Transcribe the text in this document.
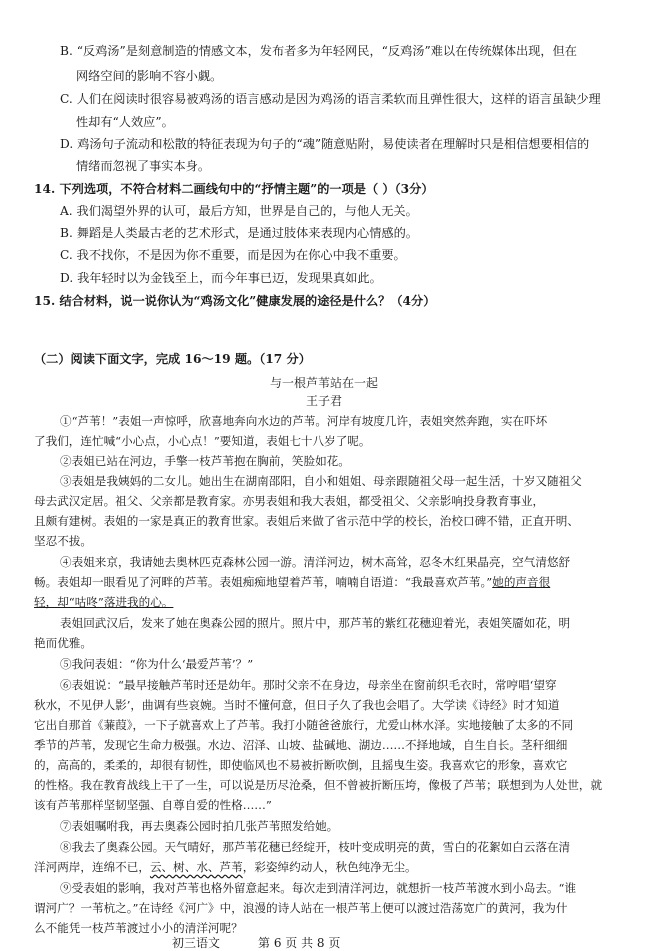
B. “反鸡汤”是刻意制造的情感文本，发布者多为年轻网民，“反鸡汤”难以在传统媒体出现，但在
网络空间的影响不容小觑。
C. 人们在阅读时很容易被鸡汤的语言感动是因为鸡汤的语言柔软而且弹性很大，这样的语言虽缺少理
性却有“人效应”。
D. 鸡汤句子流动和松散的特征表现为句子的“魂”随意贴附，易使读者在理解时只是相信想要相信的
情绪而忽视了事实本身。
14. 下列选项，不符合材料二画线句中的“抒情主题”的一项是（ ）（3分）
A. 我们渴望外界的认可，最后方知，世界是自己的，与他人无关。
B. 舞蹈是人类最古老的艺术形式，是通过肢体来表现内心情感的。
C. 我不找你，不是因为你不重要，而是因为在你心中我不重要。
D. 我年轻时以为金钱至上，而今年事已迈，发现果真如此。
15. 结合材料，说一说你认为“鸡汤文化”健康发展的途径是什么？（4分）
（二）阅读下面文字，完成 16～19 题。（17 分）
与一根芦苇站在一起
王子君
①“芦苇！”表姐一声惊呼，欣喜地奔向水边的芦苇。河岸有坡度几许，表姐突然奔跑，实在吓坏
了我们，连忙喊“小心点，小心点！”要知道，表姐七十八岁了呢。
②表姐已站在河边，手擎一枝芦苇抱在胸前，笑脸如花。
③表姐是我姨妈的二女儿。她出生在湖南邵阳，自小和姐姐、母亲跟随祖父母一起生活，十岁又随祖父
母去武汉定居。祖父、父亲都是教育家。亦男表姐和我大表姐，都受祖父、父亲影响投身教育事业，
且颇有建树。表姐的一家是真正的教育世家。表姐后来做了省示范中学的校长，治校口碑不错，正直开明、
坚忍不拔。
④表姐来京，我请她去奥林匹克森林公园一游。清洋河边，树木高耸，忍冬木红果晶亮，空气清悠舒
畅。表姐却一眼看见了河畔的芦苇。表姐痴痴地望着芦苇，喃喃自语道：“我最喜欢芦苇。”她的声音很
轻，却“咕咚”落进我的心。
表姐回武汉后，发来了她在奥森公园的照片。照片中，那芦苇的紫红花穗迎着光，表姐笑靥如花，明
艳而优雅。
⑤我问表姐：“你为什么‘最爱芦苇’？”
⑥表姐说：“最早接触芦苇时还是幼年。那时父亲不在身边，母亲坐在窗前织毛衣时，常哼唱‘望穿
秋水，不见伊人影’，曲调有些哀婉。当时不懂何意，但日子久了我也会唱了。大学读《诗经》时才知道
它出自那首《蒹葭》，一下子就喜欢上了芦苇。我打小随爸爸旅行，尤爱山林水泽。实地接触了太多的不同
季节的芦苇，发现它生命力极强。水边、沼泽、山坡、盐碱地、湖边……不择地域，自生自长。茎秆细细
的，高高的，柔柔的，却很有韧性，即使临风也不易被折断吹倒，且摇曳生姿。我喜欢它的形象，喜欢它
的性格。我在教育战线上干了一生，可以说是历尽沧桑，但不曾被折断压垮，像极了芦苇；联想到为人处世，就
该有芦苇那样坚韧坚强、自尊自爱的性格……”
⑦表姐嘱咐我，再去奥森公园时拍几张芦苇照发给她。
⑧我去了奥森公园。天气晴好，那芦苇花穗已经绽开，枝叶变成明亮的黄，雪白的花絮如白云落在清
洋河两岸，连绵不已，云、树、水、芦苇，彩姿绰约动人，秋色纯净无尘。
⑨受表姐的影响，我对芦苇也格外留意起来。每次走到清洋河边，就想折一枝芦苇渡水到小岛去。“谁
谓河广？一苇杭之。”在诗经《河广》中，浪漫的诗人站在一根芦苇上便可以渡过浩荡宽广的黄河，我为什
么不能凭一枝芦苇渡过小小的清洋河呢？
初三语文	第 6 页 共 8 页
